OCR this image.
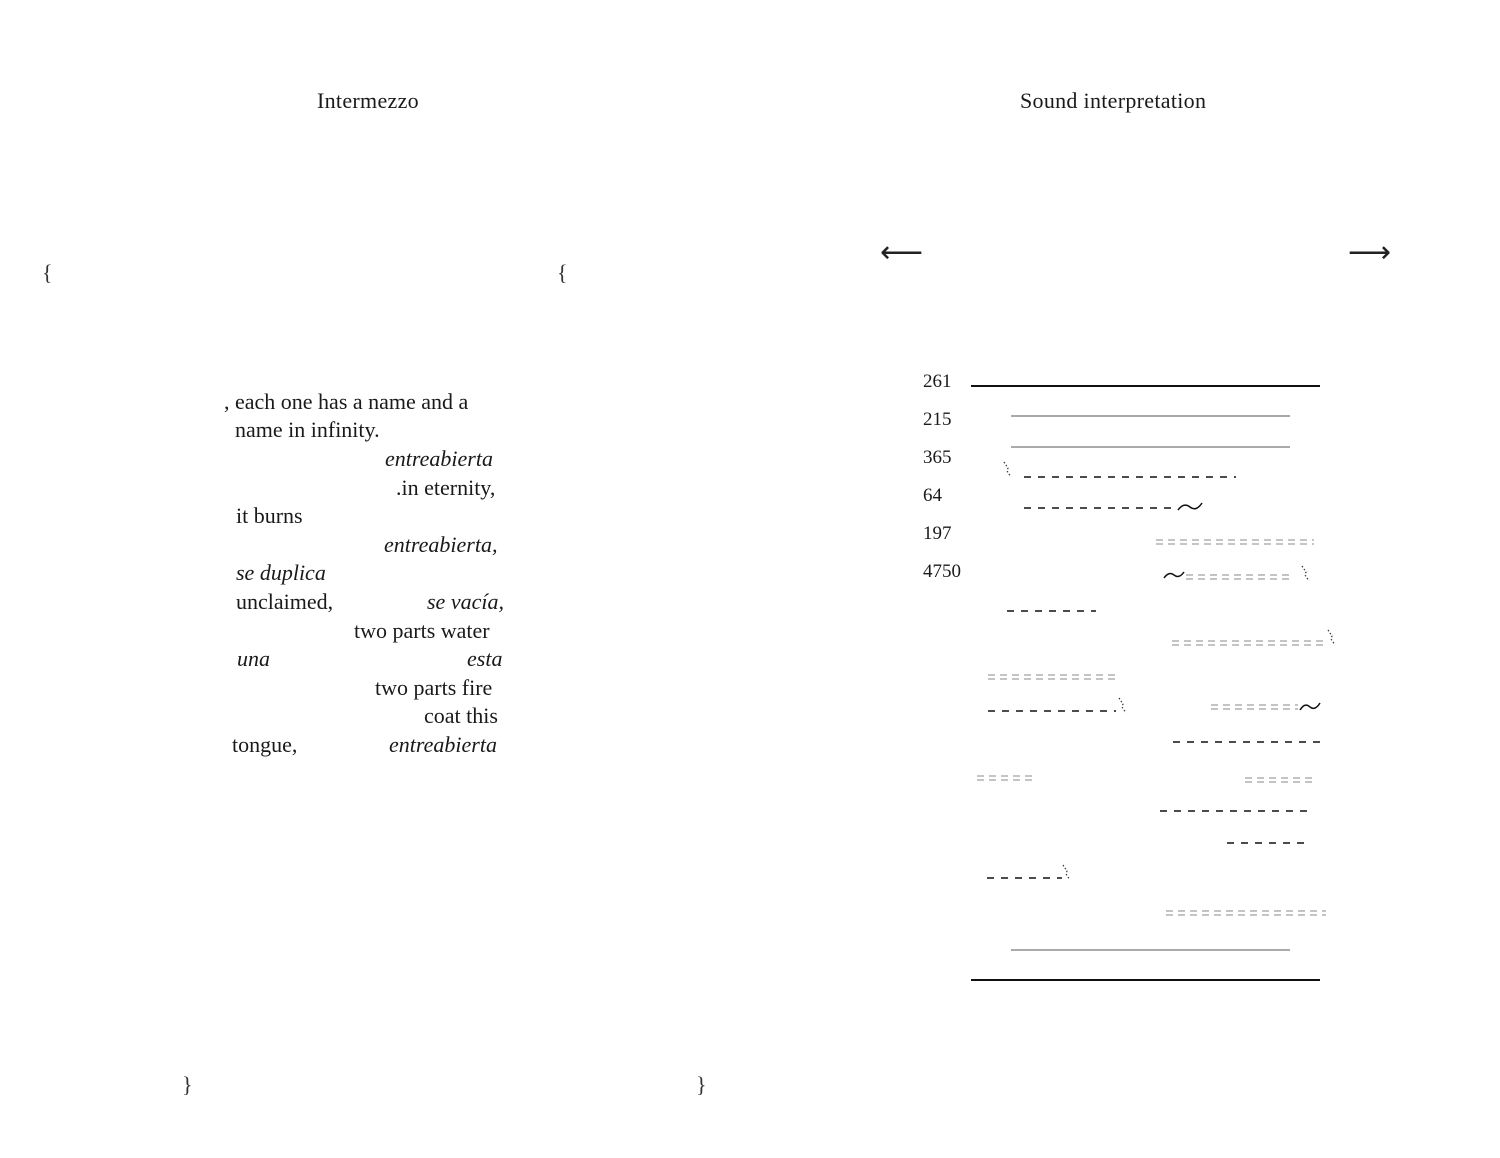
Intermezzo
{	{
}	}
, each one has a name and a
name in infinity.
entreabierta
.in eternity,
it burns
entreabierta,
se duplica
unclaimed,	se vacía,
two parts water
una	esta
two parts fire
coat this
tongue,	entreabierta
Sound interpretation
⟵	⟶
261
215
365
64
197
4750
